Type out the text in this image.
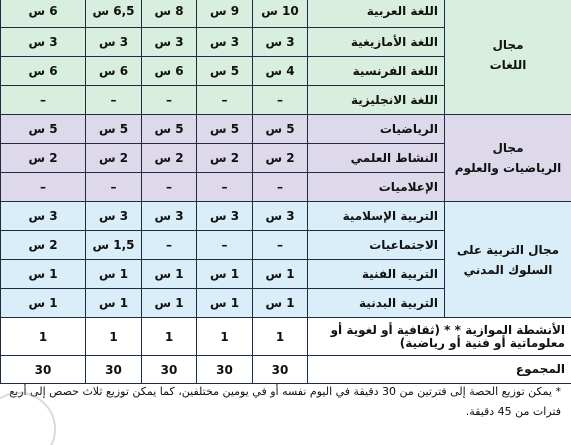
مجال
اللغات	اللغة العربية	10 س	9 س	8 س	6,5 س	6 س	
	اللغة الأمازيغية	3 س	3 س	3 س	3 س	3 س	
	اللغة الفرنسية	4 س	5 س	6 س	6 س	6 س	
	اللغة الانجليزية	–	–	–	–	–	
مجال
الرياضيات والعلوم	الرياضيات	5 س	5 س	5 س	5 س	5 س	
	النشاط العلمي	2 س	2 س	2 س	2 س	2 س	
	الإعلاميات	–	–	–	–	–	
مجال التربية على
السلوك المدني	التربية الإسلامية	3 س	3 س	3 س	3 س	3 س	
	الاجتماعيات	–	–	–	1,5 س	2 س	
	التربية الفنية	1 س	1 س	1 س	1 س	1 س	
	التربية البدنية	1 س	1 س	1 س	1 س	1 س	
الأنشطة الموازية * * (ثقافية أو لغوية أو
معلوماتية أو فنية أو رياضية)		1	1	1	1	1	
المجموع		30	30	30	30	30	
* يمكن توزيع الحصة إلى فترتين من 30 دقيقة في اليوم نفسه أو في يومين مختلفين، كما يمكن توزيع ثلاث حصص إلى أربع فترات من 45 دقيقة.
